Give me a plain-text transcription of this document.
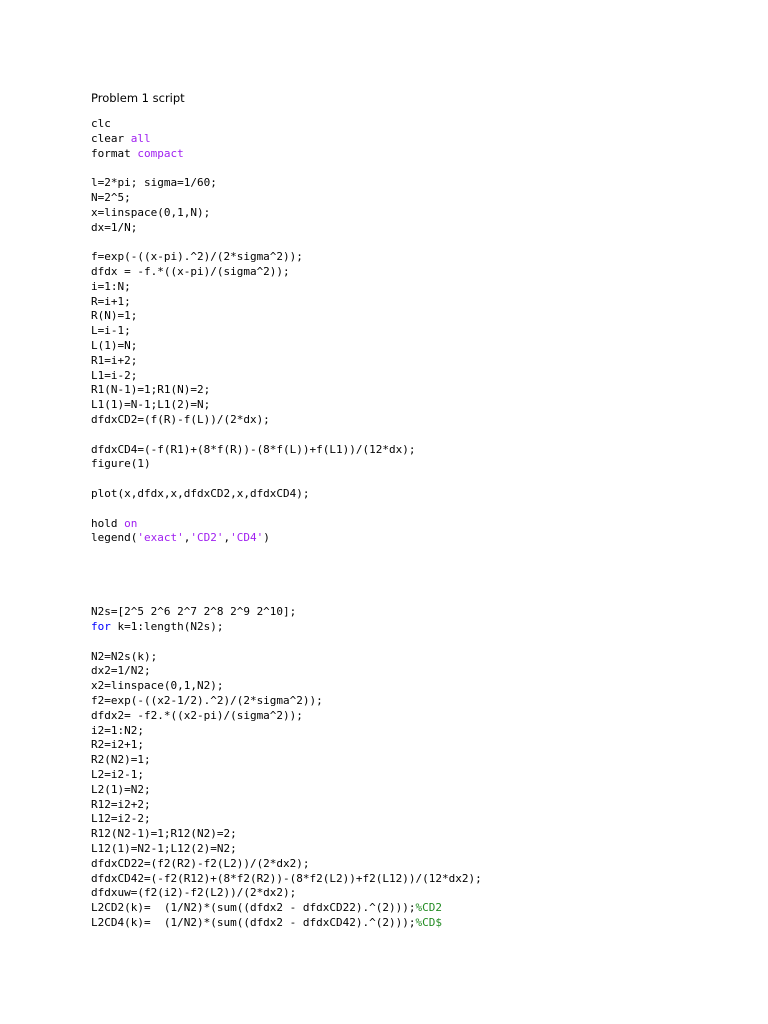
Problem 1 script
clc
clear all
format compact
l=2*pi; sigma=1/60;
N=2^5;
x=linspace(0,1,N);
dx=1/N;
f=exp(-((x-pi).^2)/(2*sigma^2));
dfdx = -f.*((x-pi)/(sigma^2));
i=1:N;
R=i+1;
R(N)=1;
L=i-1;
L(1)=N;
R1=i+2;
L1=i-2;
R1(N-1)=1;R1(N)=2;
L1(1)=N-1;L1(2)=N;
dfdxCD2=(f(R)-f(L))/(2*dx);
dfdxCD4=(-f(R1)+(8*f(R))-(8*f(L))+f(L1))/(12*dx);
figure(1)
plot(x,dfdx,x,dfdxCD2,x,dfdxCD4);
hold on
legend('exact','CD2','CD4')
N2s=[2^5 2^6 2^7 2^8 2^9 2^10];
for k=1:length(N2s);
N2=N2s(k);
dx2=1/N2;
x2=linspace(0,1,N2);
f2=exp(-((x2-1/2).^2)/(2*sigma^2));
dfdx2= -f2.*((x2-pi)/(sigma^2));
i2=1:N2;
R2=i2+1;
R2(N2)=1;
L2=i2-1;
L2(1)=N2;
R12=i2+2;
L12=i2-2;
R12(N2-1)=1;R12(N2)=2;
L12(1)=N2-1;L12(2)=N2;
dfdxCD22=(f2(R2)-f2(L2))/(2*dx2);
dfdxCD42=(-f2(R12)+(8*f2(R2))-(8*f2(L2))+f2(L12))/(12*dx2);
dfdxuw=(f2(i2)-f2(L2))/(2*dx2);
L2CD2(k)=  (1/N2)*(sum((dfdx2 - dfdxCD22).^(2)));%CD2
L2CD4(k)=  (1/N2)*(sum((dfdx2 - dfdxCD42).^(2)));%CD$
